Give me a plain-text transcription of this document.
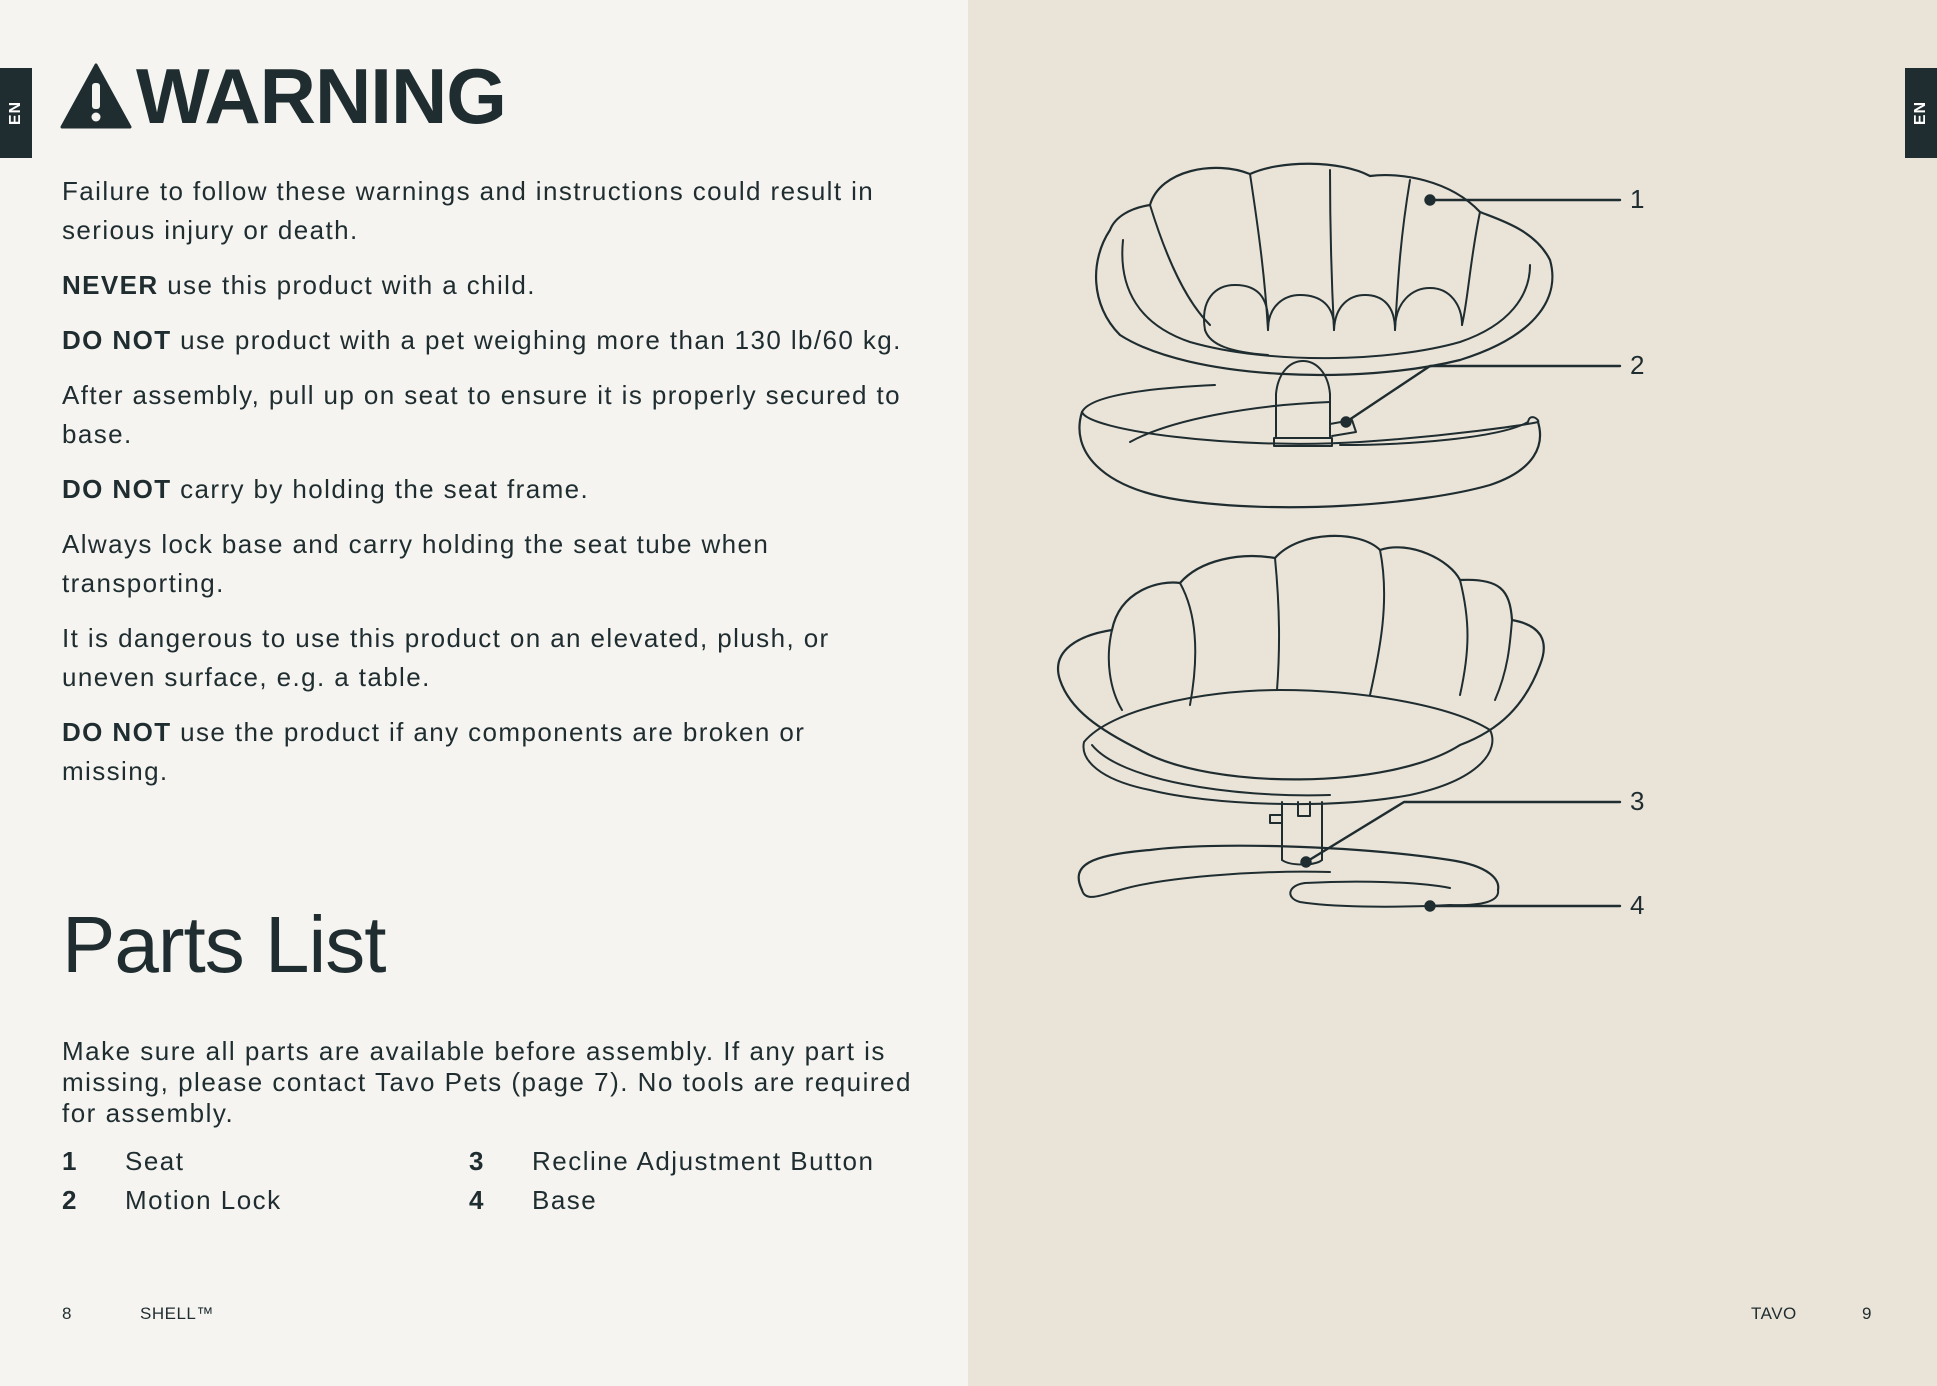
EN WARNING

Failure to follow these warnings and instructions could result in serious injury or death.

NEVER use this product with a child.

DO NOT use product with a pet weighing more than 130 lb/60 kg.

After assembly, pull up on seat to ensure it is properly secured to base.

DO NOT carry by holding the seat frame.

Always lock base and carry holding the seat tube when transporting.

It is dangerous to use this product on an elevated, plush, or uneven surface, e.g. a table.

DO NOT use the product if any components are broken or missing.

Parts List
Make sure all parts are available before assembly. If any part is missing, please contact Tavo Pets (page 7). No tools are required for assembly.
1 Seat
2 Motion Lock
3 Recline Adjustment Button
4 Base
8	SHELL™
EN
TAVO	9
1
2
3
4
